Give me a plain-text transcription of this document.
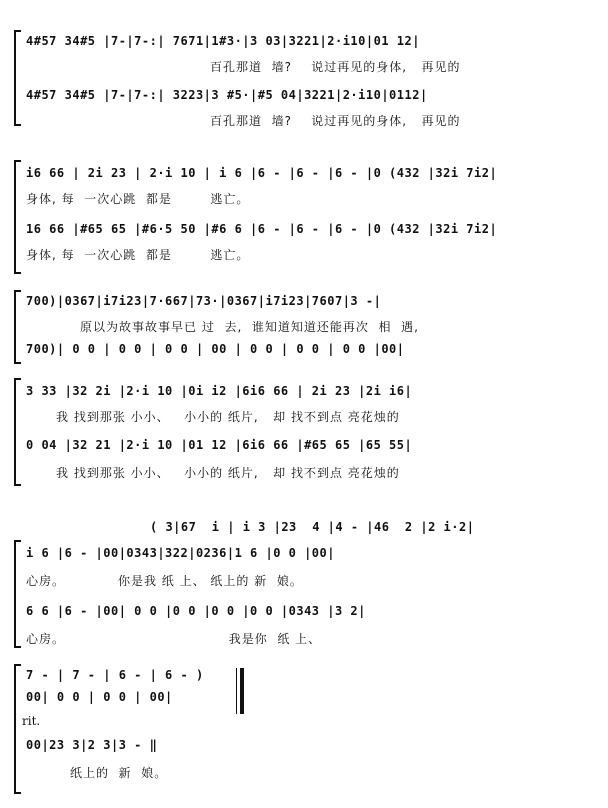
4#57 34#5 |7-|7-:| 7671|1#3·|3 03|3221|2·i10|01 12|
百孔那道  墙?    说过再见的身体,   再见的
4#57 34#5 |7-|7-:| 3223|3 #5·|#5 04|3221|2·i10|0112|
百孔那道  墙?    说过再见的身体,   再见的
i6 66 | 2i 23 | 2·i 10 | i 6 |6 - |6 - |6 - |0 (432 |32i 7i2|
身体, 每  一次心跳  都是        逃亡。
16 66 |#65 65 |#6·5 50 |#6 6 |6 - |6 - |6 - |0 (432 |32i 7i2|
身体, 每  一次心跳  都是        逃亡。
700)|0367|i7i23|7·667|73·|0367|i7i23|7607|3 -|
原以为故事故事早已 过  去,  谁知道知道还能再次  相  遇,
700)| 0 0 | 0 0 | 0 0 | 00 | 0 0 | 0 0 | 0 0 |00|
3 33 |32 2i |2·i 10 |0i i2 |6i6 66 | 2i 23 |2i i6|
我 找到那张 小小、   小小的 纸片,   却 找不到点 亮花烛的
0 04 |32 21 |2·i 10 |01 12 |6i6 66 |#65 65 |65 55|
我 找到那张 小小、   小小的 纸片,   却 找不到点 亮花烛的
( 3|67  i | i 3 |23  4 |4 - |46  2 |2 i·2|
i 6 |6 - |00|0343|322|0236|1 6 |0 0 |00|
心房。           你是我 纸 上、 纸上的 新  娘。
6 6 |6 - |00| 0 0 |0 0 |0 0 |0 0 |0343 |3 2|
心房。                                  我是你  纸 上、
7 - | 7 - | 6 - | 6 - )
00| 0 0 | 0 0 | 00|
rit.
00|23 3|2 3|3 - ‖
纸上的  新  娘。
